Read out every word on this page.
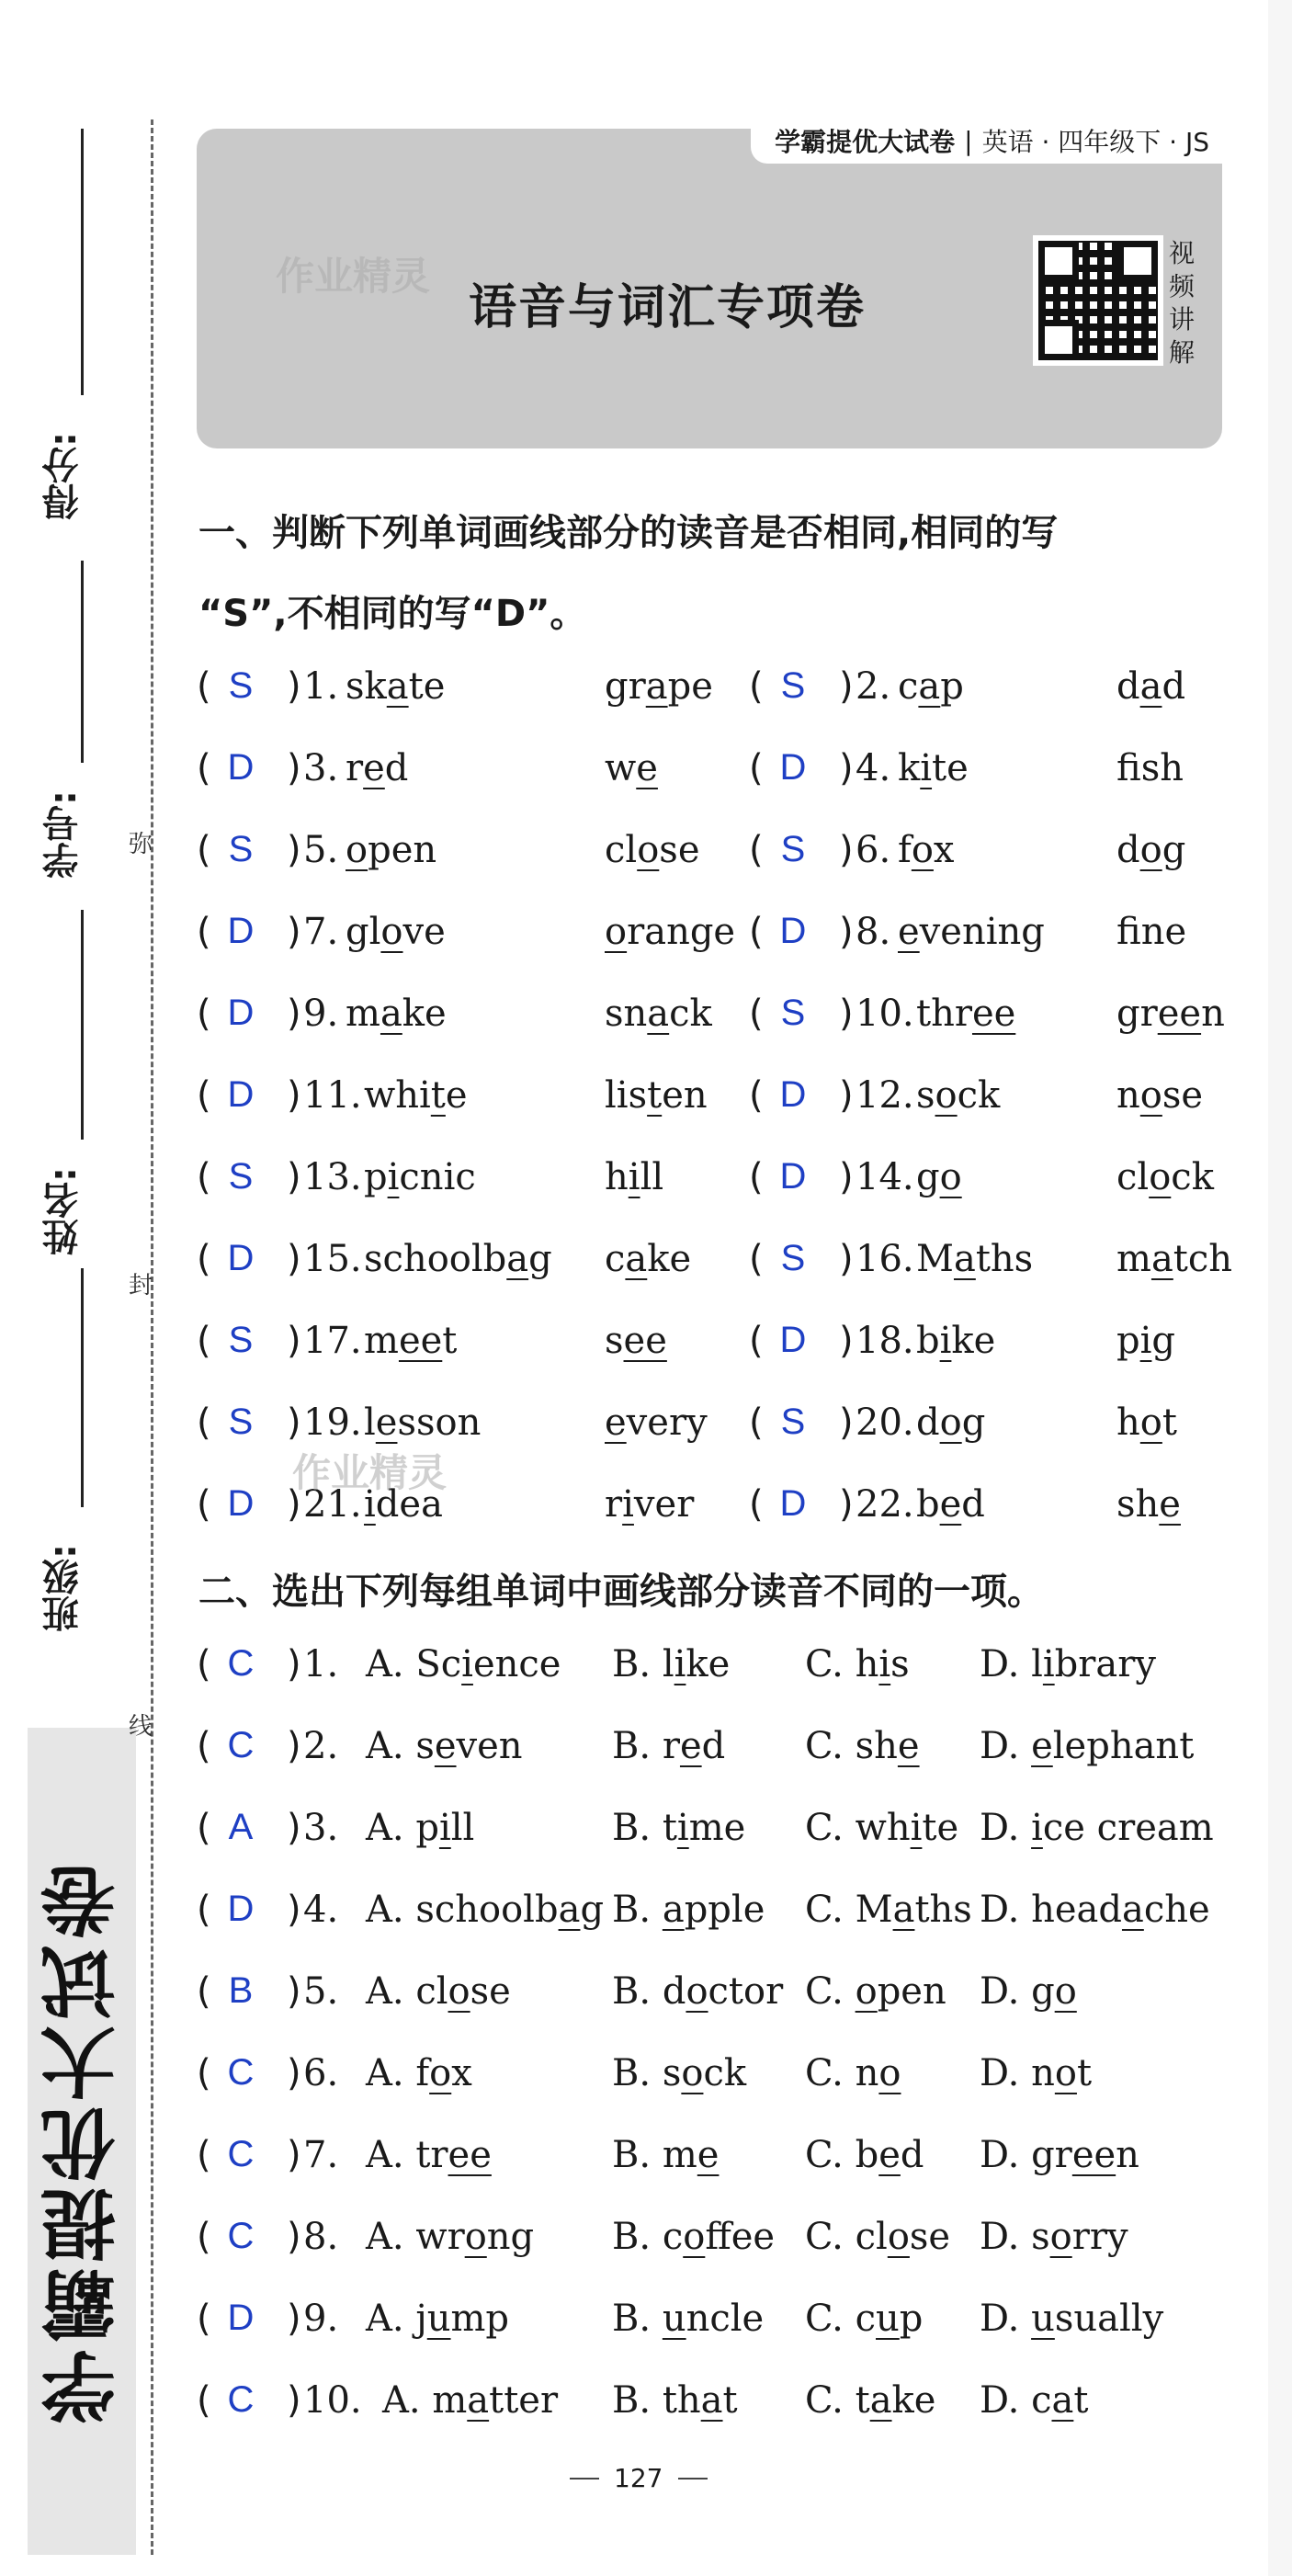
得分:
学号:
姓名:
班级:
学霸提优大试卷
弥
封
线
学霸提优大试卷 | 英语 · 四年级下 · JS
作业精灵
语音与词汇专项卷
视频讲解
一、判断下列单词画线部分的读音是否相同,相同的写
“S”,不相同的写“D”。
( S ) 1. skate	grape ( S ) 2. cap	dad
( D ) 3. red	we ( D ) 4. kite	fsh
( S ) 5. open	close ( S ) 6. fox	dog
( D ) 7. glove	orange ( D ) 8. evening fne
( D ) 9. make	snack ( S ) 10. three	green
( D ) 11. white	listen ( D ) 12. sock	nose
( S ) 13. picnic	hill ( D ) 14. go	clock
( D ) 15. schoolbag cake ( S ) 16. Maths match
( S ) 17. meet	see ( D ) 18. bike	pig
( S ) 19. lesson	every ( S ) 20. dog	hot
( D ) 21. idea	river ( D ) 22. bed	she
作业精灵
二、选出下列每组单词中画线部分读音不同的一项。
( C ) 1. A. Science B. like C. his D. library
( C ) 2. A. seven B. red C. she D. elephant
( A ) 3. A. pill	B. time C. white D. ice cream
( D ) 4. A. schoolbag B. apple C. Maths D. headache
( B ) 5. A. close	B. doctor C. open D. go
( C ) 6. A. fox	B. sock C. no D. not
( C ) 7. A. tree	B. me C. bed D. green
( C ) 8. A. wrong B. coffee C. close D. sorry
( D ) 9. A. jump	B. uncle C. cup D. usually
( C ) 10. A. matter B. that C. take D. cat
127
